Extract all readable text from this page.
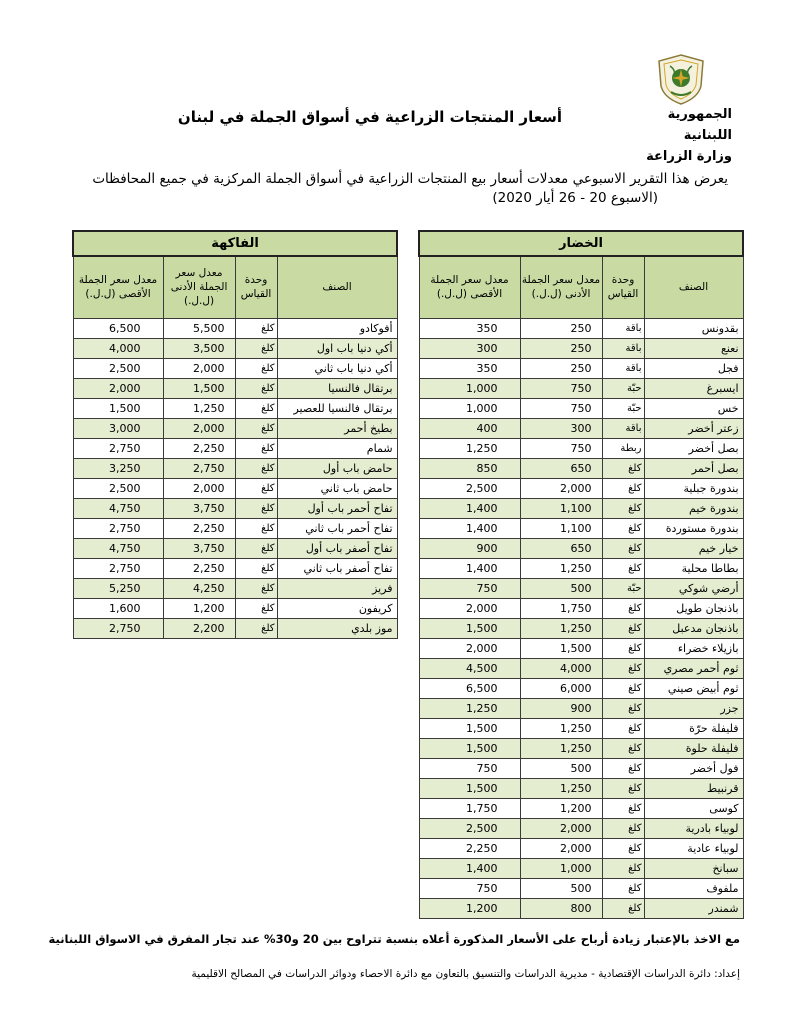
الجمهورية اللبنانية
وزارة الزراعة
أسعار المنتجات الزراعية في أسواق الجملة في لبنان
يعرض هذا التقرير الاسبوعي معدلات أسعار بيع المنتجات الزراعية في أسواق الجملة المركزية في جميع المحافظات
(الاسبوع 20 - 26 أيار 2020)
الخضار			
الصنف	وحدة القياس	معدل سعر الجملة الأدنى (ل.ل.)	معدل سعر الجملة الأقصى (ل.ل.)
بقدونس	باقة	250	350
نعنع	باقة	250	300
فجل	باقة	250	350
ايسبرغ	حبّة	750	1,000
خس	حبّة	750	1,000
زعتر أخضر	باقة	300	400
بصل أخضر	ربطة	750	1,250
بصل أحمر	كلغ	650	850
بندورة جبلية	كلغ	2,000	2,500
بندورة خيم	كلغ	1,100	1,400
بندورة مستوردة	كلغ	1,100	1,400
خيار خيم	كلغ	650	900
بطاطا محلية	كلغ	1,250	1,400
أرضي شوكي	حبّة	500	750
باذنجان طويل	كلغ	1,750	2,000
باذنجان مدعبل	كلغ	1,250	1,500
بازيلاء خضراء	كلغ	1,500	2,000
ثوم أحمر مصري	كلغ	4,000	4,500
ثوم أبيض صيني	كلغ	6,000	6,500
جزر	كلغ	900	1,250
فليفلة حرّة	كلغ	1,250	1,500
فليفلة حلوة	كلغ	1,250	1,500
فول أخضر	كلغ	500	750
قرنبيط	كلغ	1,250	1,500
كوسى	كلغ	1,200	1,750
لوبياء بادرية	كلغ	2,000	2,500
لوبياء عادية	كلغ	2,000	2,250
سبانخ	كلغ	1,000	1,400
ملفوف	كلغ	500	750
شمندر	كلغ	800	1,200
الفاكهة			
الصنف	وحدة القياس	معدل سعر الجملة الأدنى (ل.ل.)	معدل سعر الجملة الأقصى (ل.ل.)
أفوكادو	كلغ	5,500	6,500
أكي دنيا باب اول	كلغ	3,500	4,000
أكي دنيا باب ثاني	كلغ	2,000	2,500
برتقال فالنسيا	كلغ	1,500	2,000
برتقال فالنسيا للعصير	كلغ	1,250	1,500
بطيخ أحمر	كلغ	2,000	3,000
شمام	كلغ	2,250	2,750
حامض باب أول	كلغ	2,750	3,250
حامض باب ثاني	كلغ	2,000	2,500
تفاح أحمر باب أول	كلغ	3,750	4,750
تفاح أحمر باب ثاني	كلغ	2,250	2,750
تفاح أصفر باب أول	كلغ	3,750	4,750
تفاح أصفر باب ثاني	كلغ	2,250	2,750
فريز	كلغ	4,250	5,250
كريفون	كلغ	1,200	1,600
موز بلدي	كلغ	2,200	2,750
مع الاخذ بالإعتبار زيادة أرباح على الأسعار المذكورة أعلاه بنسبة تتراوح بين 20 و30% عند تجار المفرق في الاسواق اللبنانية
إعداد: دائرة الدراسات الإقتصادية - مديرية الدراسات والتنسيق بالتعاون مع دائرة الاحصاء ودوائر الدراسات في المصالح الاقليمية
